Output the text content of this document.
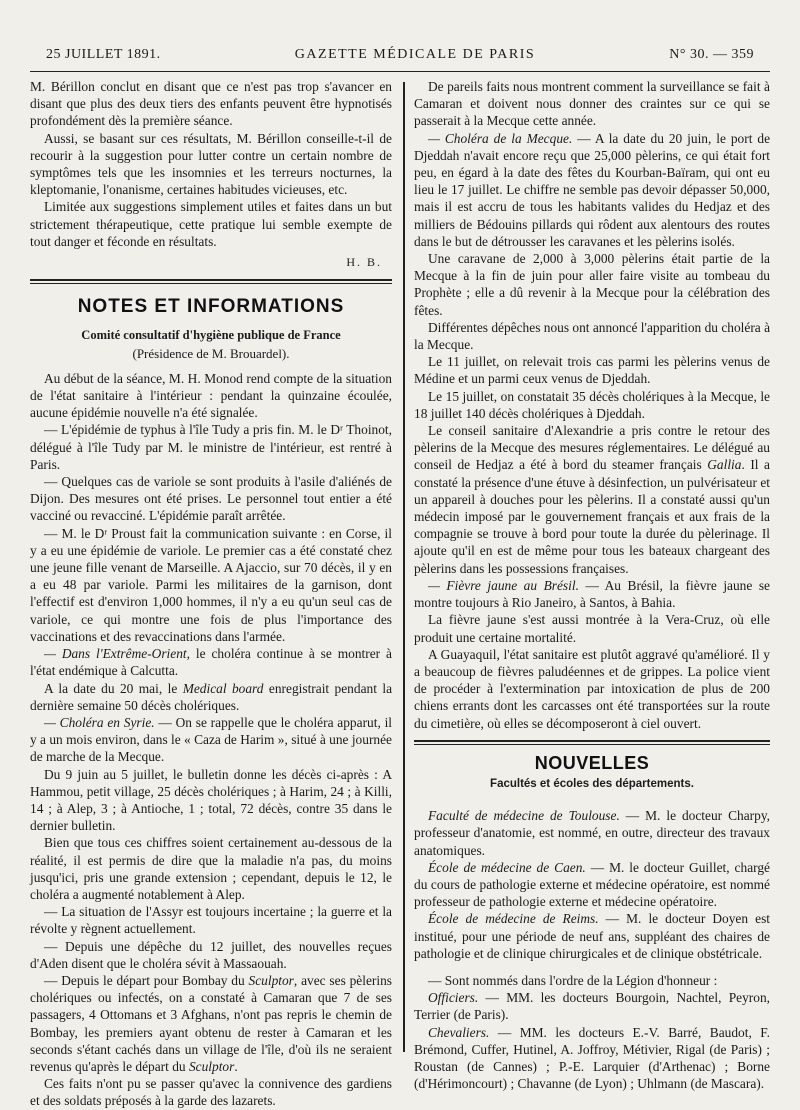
25 JUILLET 1891.	GAZETTE MÉDICALE DE PARIS	N° 30. — 359

M. Bérillon conclut en disant que ce n'est pas trop s'avancer en disant que plus des deux tiers des enfants peuvent être hypnotisés profondément dès la première séance.

Aussi, se basant sur ces résultats, M. Bérillon conseille-t-il de recourir à la suggestion pour lutter contre un certain nombre de symptômes tels que les insomnies et les terreurs nocturnes, la kleptomanie, l'onanisme, certaines habitudes vicieuses, etc.

Limitée aux suggestions simplement utiles et faites dans un but strictement thérapeutique, cette pratique lui semble exempte de tout danger et féconde en résultats.

H. B.
NOTES ET INFORMATIONS
Comité consultatif d'hygiène publique de France
(Présidence de M. Brouardel).

Au début de la séance, M. H. Monod rend compte de la situation de l'état sanitaire à l'intérieur : pendant la quinzaine écoulée, aucune épidémie nouvelle n'a été signalée.

— L'épidémie de typhus à l'île Tudy a pris fin. M. le Dʳ Thoinot, délégué à l'île Tudy par M. le ministre de l'intérieur, est rentré à Paris.

— Quelques cas de variole se sont produits à l'asile d'aliénés de Dijon. Des mesures ont été prises. Le personnel tout entier a été vacciné ou revacciné. L'épidémie paraît arrêtée.

— M. le Dʳ Proust fait la communication suivante : en Corse, il y a eu une épidémie de variole. Le premier cas a été constaté chez une jeune fille venant de Marseille. A Ajaccio, sur 70 décès, il y en a eu 48 par variole. Parmi les militaires de la garnison, dont l'effectif est d'environ 1,000 hommes, il n'y a eu qu'un seul cas de variole, ce qui montre une fois de plus l'importance des vaccinations et des revaccinations dans l'armée.

— Dans l'Extrême-Orient, le choléra continue à se montrer à l'état endémique à Calcutta.

A la date du 20 mai, le Medical board enregistrait pendant la dernière semaine 50 décès cholériques.

— Choléra en Syrie. — On se rappelle que le choléra apparut, il y a un mois environ, dans le « Caza de Harim », situé à une journée de marche de la Mecque.

Du 9 juin au 5 juillet, le bulletin donne les décès ci-après : A Hammou, petit village, 25 décès cholériques ; à Harim, 24 ; à Killi, 14 ; à Alep, 3 ; à Antioche, 1 ; total, 72 décès, contre 35 dans le dernier bulletin.

Bien que tous ces chiffres soient certainement au-dessous de la réalité, il est permis de dire que la maladie n'a pas, du moins jusqu'ici, pris une grande extension ; cependant, depuis le 12, le choléra a augmenté notablement à Alep.

— La situation de l'Assyr est toujours incertaine ; la guerre et la révolte y règnent actuellement.

— Depuis une dépêche du 12 juillet, des nouvelles reçues d'Aden disent que le choléra sévit à Massaouah.

— Depuis le départ pour Bombay du Sculptor, avec ses pèlerins cholériques ou infectés, on a constaté à Camaran que 7 de ses passagers, 4 Ottomans et 3 Afghans, n'ont pas repris le chemin de Bombay, les premiers ayant obtenu de rester à Camaran et les seconds s'étant cachés dans un village de l'île, d'où ils ne seraient revenus qu'après le départ du Sculptor.

Ces faits n'ont pu se passer qu'avec la connivence des gardiens et des soldats préposés à la garde des lazarets.

De pareils faits nous montrent comment la surveillance se fait à Camaran et doivent nous donner des craintes sur ce qui se passerait à la Mecque cette année.

— Choléra de la Mecque. — A la date du 20 juin, le port de Djeddah n'avait encore reçu que 25,000 pèlerins, ce qui était fort peu, en égard à la date des fêtes du Kourban-Baïram, qui ont eu lieu le 17 juillet. Le chiffre ne semble pas devoir dépasser 50,000, mais il est accru de tous les habitants valides du Hedjaz et des milliers de Bédouins pillards qui rôdent aux alentours des routes dans le but de détrousser les caravanes et les pèlerins isolés.

Une caravane de 2,000 à 3,000 pèlerins était partie de la Mecque à la fin de juin pour aller faire visite au tombeau du Prophète ; elle a dû revenir à la Mecque pour la célébration des fêtes.

Différentes dépêches nous ont annoncé l'apparition du choléra à la Mecque.

Le 11 juillet, on relevait trois cas parmi les pèlerins venus de Médine et un parmi ceux venus de Djeddah.

Le 15 juillet, on constatait 35 décès cholériques à la Mecque, le 18 juillet 140 décès cholériques à Djeddah.

Le conseil sanitaire d'Alexandrie a pris contre le retour des pèlerins de la Mecque des mesures réglementaires. Le délégué au conseil de Hedjaz a été à bord du steamer français Gallia. Il a constaté la présence d'une étuve à désinfection, un pulvérisateur et un appareil à douches pour les pèlerins. Il a constaté aussi qu'un médecin imposé par le gouvernement français et aux frais de la compagnie se trouve à bord pour toute la durée du pèlerinage. Il ajoute qu'il en est de même pour tous les bateaux chargeant des pèlerins dans les possessions françaises.

— Fièvre jaune au Brésil. — Au Brésil, la fièvre jaune se montre toujours à Rio Janeiro, à Santos, à Bahia.

La fièvre jaune s'est aussi montrée à la Vera-Cruz, où elle produit une certaine mortalité.

A Guayaquil, l'état sanitaire est plutôt aggravé qu'amélioré. Il y a beaucoup de fièvres paludéennes et de grippes. La police vient de procéder à l'extermination par intoxication de plus de 200 chiens errants dont les carcasses ont été transportées sur la route du cimetière, où elles se décomposeront à ciel ouvert.

NOUVELLES
Facultés et écoles des départements.

Faculté de médecine de Toulouse. — M. le docteur Charpy, professeur d'anatomie, est nommé, en outre, directeur des travaux anatomiques.

École de médecine de Caen. — M. le docteur Guillet, chargé du cours de pathologie externe et médecine opératoire, est nommé professeur de pathologie externe et médecine opératoire.

École de médecine de Reims. — M. le docteur Doyen est institué, pour une période de neuf ans, suppléant des chaires de pathologie et de clinique chirurgicales et de clinique obstétricale.

— Sont nommés dans l'ordre de la Légion d'honneur :

Officiers. — MM. les docteurs Bourgoin, Nachtel, Peyron, Terrier (de Paris).

Chevaliers. — MM. les docteurs E.-V. Barré, Baudot, F. Brémond, Cuffer, Hutinel, A. Joffroy, Métivier, Rigal (de Paris) ; Roustan (de Cannes) ; P.-E. Larquier (d'Arthenac) ; Borne (d'Hérimoncourt) ; Chavanne (de Lyon) ; Uhlmann (de Mascara).
